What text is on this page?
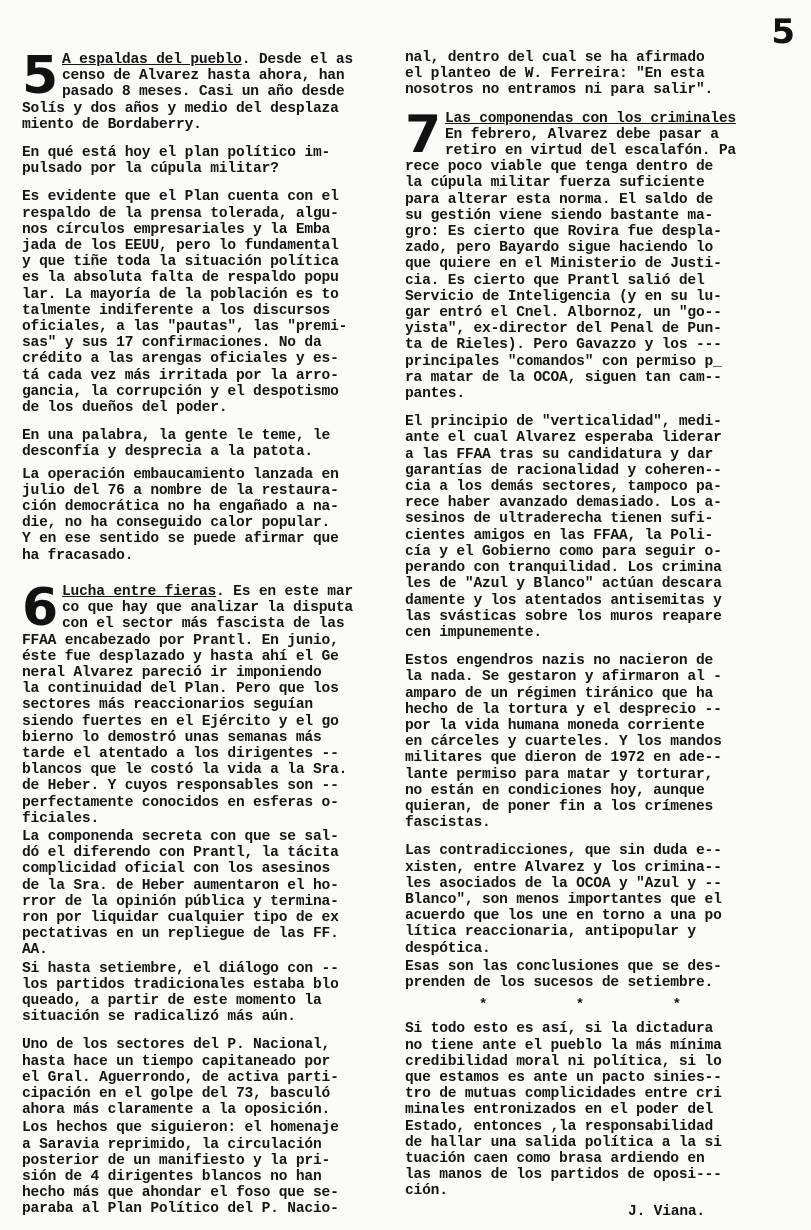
5
5 A espaldas del pueblo. Desde el as
censo de Alvarez hasta ahora, han
pasado 8 meses. Casi un año desde
Solís y dos años y medio del desplaza
miento de Bordaberry.
En qué está hoy el plan político im-
pulsado por la cúpula militar?
Es evidente que el Plan cuenta con el
respaldo de la prensa tolerada, algu-
nos círculos empresariales y la Emba
jada de los EEUU, pero lo fundamental
y que tiñe toda la situación política
es la absoluta falta de respaldo popu
lar. La mayoría de la población es to
talmente indiferente a los discursos
oficiales, a las "pautas", las "premi-
sas" y sus 17 confirmaciones. No da
crédito a las arengas oficiales y es-
tá cada vez más irritada por la arro-
gancia, la corrupción y el despotismo
de los dueños del poder.
En una palabra, la gente le teme, le
desconfía y desprecia a la patota.
La operación embaucamiento lanzada en
julio del 76 a nombre de la restaura-
ción democrática no ha engañado a na-
die, no ha conseguido calor popular.
Y en ese sentido se puede afirmar que
ha fracasado.
6 Lucha entre fieras. Es en este mar
co que hay que analizar la disputa
con el sector más fascista de las
FFAA encabezado por Prantl. En junio,
éste fue desplazado y hasta ahí el Ge
neral Alvarez pareció ir imponiendo
la continuidad del Plan. Pero que los
sectores más reaccionarios seguían
siendo fuertes en el Ejército y el go
bierno lo demostró unas semanas más
tarde el atentado a los dirigentes --
blancos que le costó la vida a la Sra.
de Heber. Y cuyos responsables son --
perfectamente conocidos en esferas o-
ficiales.
La componenda secreta con que se sal-
dó el diferendo con Prantl, la tácita
complicidad oficial con los asesinos
de la Sra. de Heber aumentaron el ho-
rror de la opinión pública y termina-
ron por liquidar cualquier tipo de ex
pectativas en un repliegue de las FF.
AA.
Si hasta setiembre, el diálogo con --
los partidos tradicionales estaba blo
queado, a partir de este momento la
situación se radicalizó más aún.
Uno de los sectores del P. Nacional,
hasta hace un tiempo capitaneado por
el Gral. Aguerrondo, de activa parti-
cipación en el golpe del 73, basculó
ahora más claramente a la oposición.
Los hechos que siguieron: el homenaje
a Saravia reprimido, la circulación
posterior de un manifiesto y la pri-
sión de 4 dirigentes blancos no han
hecho más que ahondar el foso que se-
paraba al Plan Político del P. Nacio-
nal, dentro del cual se ha afirmado
el planteo de W. Ferreira: "En esta
nosotros no entramos ni para salir".
7 Las componendas con los criminales
En febrero, Alvarez debe pasar a
retiro en virtud del escalafón. Pa
rece poco viable que tenga dentro de
la cúpula militar fuerza suficiente
para alterar esta norma. El saldo de
su gestión viene siendo bastante ma-
gro: Es cierto que Rovira fue despla-
zado, pero Bayardo sigue haciendo lo
que quiere en el Ministerio de Justi-
cia. Es cierto que Prantl salió del
Servicio de Inteligencia (y en su lu-
gar entró el Cnel. Albornoz, un "go--
yista", ex-director del Penal de Pun-
ta de Rieles). Pero Gavazzo y los ---
principales "comandos" con permiso p_
ra matar de la OCOA, siguen tan cam--
pantes.
El principio de "verticalidad", medi-
ante el cual Alvarez esperaba liderar
a las FFAA tras su candidatura y dar
garantías de racionalidad y coheren--
cia a los demás sectores, tampoco pa-
rece haber avanzado demasiado. Los a-
sesinos de ultraderecha tienen sufi-
cientes amigos en las FFAA, la Poli-
cía y el Gobierno como para seguir o-
perando con tranquilidad. Los crimina
les de "Azul y Blanco" actúan descara
damente y los atentados antisemitas y
las svásticas sobre los muros reapare
cen impunemente.
Estos engendros nazis no nacieron de
la nada. Se gestaron y afirmaron al -
amparo de un régimen tiránico que ha
hecho de la tortura y el desprecio --
por la vida humana moneda corriente
en cárceles y cuarteles. Y los mandos
militares que dieron de 1972 en ade--
lante permiso para matar y torturar,
no están en condiciones hoy, aunque
quieran, de poner fin a los crímenes
fascistas.
Las contradicciones, que sin duda e--
xisten, entre Alvarez y los crimina--
les asociados de la OCOA y "Azul y --
Blanco", son menos importantes que el
acuerdo que los une en torno a una po
lítica reaccionaria, antipopular y
despótica.
Esas son las conclusiones que se des-
prenden de los sucesos de setiembre.
* * *
Si todo esto es así, si la dictadura
no tiene ante el pueblo la más mínima
credibilidad moral ni política, si lo
que estamos es ante un pacto sinies--
tro de mutuas complicidades entre cri
minales entronizados en el poder del
Estado, entonces ,la responsabilidad
de hallar una salida política a la si
tuación caen como brasa ardiendo en
las manos de los partidos de oposi---
ción.
J. Viana.
